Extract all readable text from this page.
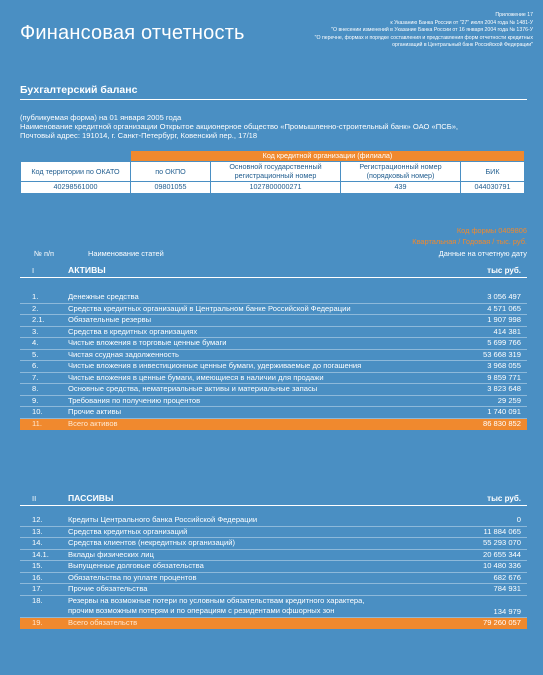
Финансовая отчетность
Приложение 17
к Указанию Банка России от "27" июля 2004 года № 1481-У
"О внесении изменений в Указание Банка России от 16 января 2004 года № 1376-У
"О перечне, формах и порядке составления и представления форм отчетности кредитных
организаций в Центральный банк Российской Федерации"
Бухгалтерский баланс
(публикуемая форма) на 01 января 2005 года
Наименование кредитной организации Открытое акционерное общество «Промышленно-строительный банк» ОАО «ПСБ»,
Почтовый адрес: 191014, г. Санкт-Петербург, Ковенский пер., 17/18
	Код кредитной организации (филиала)			
Код территории по ОКАТО	по ОКПО	Основной государственный регистрационный номер	Регистрационный номер (порядковый номер)	БИК
40298561000	09801055	1027800000271	439	044030791
Код формы 0409806
Квартальная / Годовая / тыс. руб.
№ п/п	Наименование статей	Данные на отчетную дату
I	АКТИВЫ	тыс руб.
1.	Денежные средства	3 056 497
2.	Средства кредитных организаций в Центральном банке Российской Федерации	4 571 065
2.1.	Обязательные резервы	1 907 998
3.	Средства в кредитных организациях	414 381
4.	Чистые вложения в торговые ценные бумаги	5 699 766
5.	Чистая ссудная задолженность	53 668 319
6.	Чистые вложения в инвестиционные ценные бумаги, удерживаемые до погашения	3 968 055
7.	Чистые вложения в ценные бумаги, имеющиеся в наличии для продажи	9 859 771
8.	Основные средства, нематериальные активы и материальные запасы	3 823 648
9.	Требования по получению процентов	29 259
10.	Прочие активы	1 740 091
11.	Всего активов	86 830 852
II	ПАССИВЫ	тыс руб.
12.	Кредиты Центрального банка Российской Федерации	0
13.	Средства кредитных организаций	11 884 065
14.	Средства клиентов (некредитных организаций)	55 293 070
14.1.	Вклады физических лиц	20 655 344
15.	Выпущенные долговые обязательства	10 480 336
16.	Обязательства по уплате процентов	682 676
17.	Прочие обязательства	784 931
18.	Резервы на возможные потери по условным обязательствам кредитного характера,
прочим возможным потерям и по операциям с резидентами офшорных зон	134 979
19.	Всего обязательств	79 260 057
